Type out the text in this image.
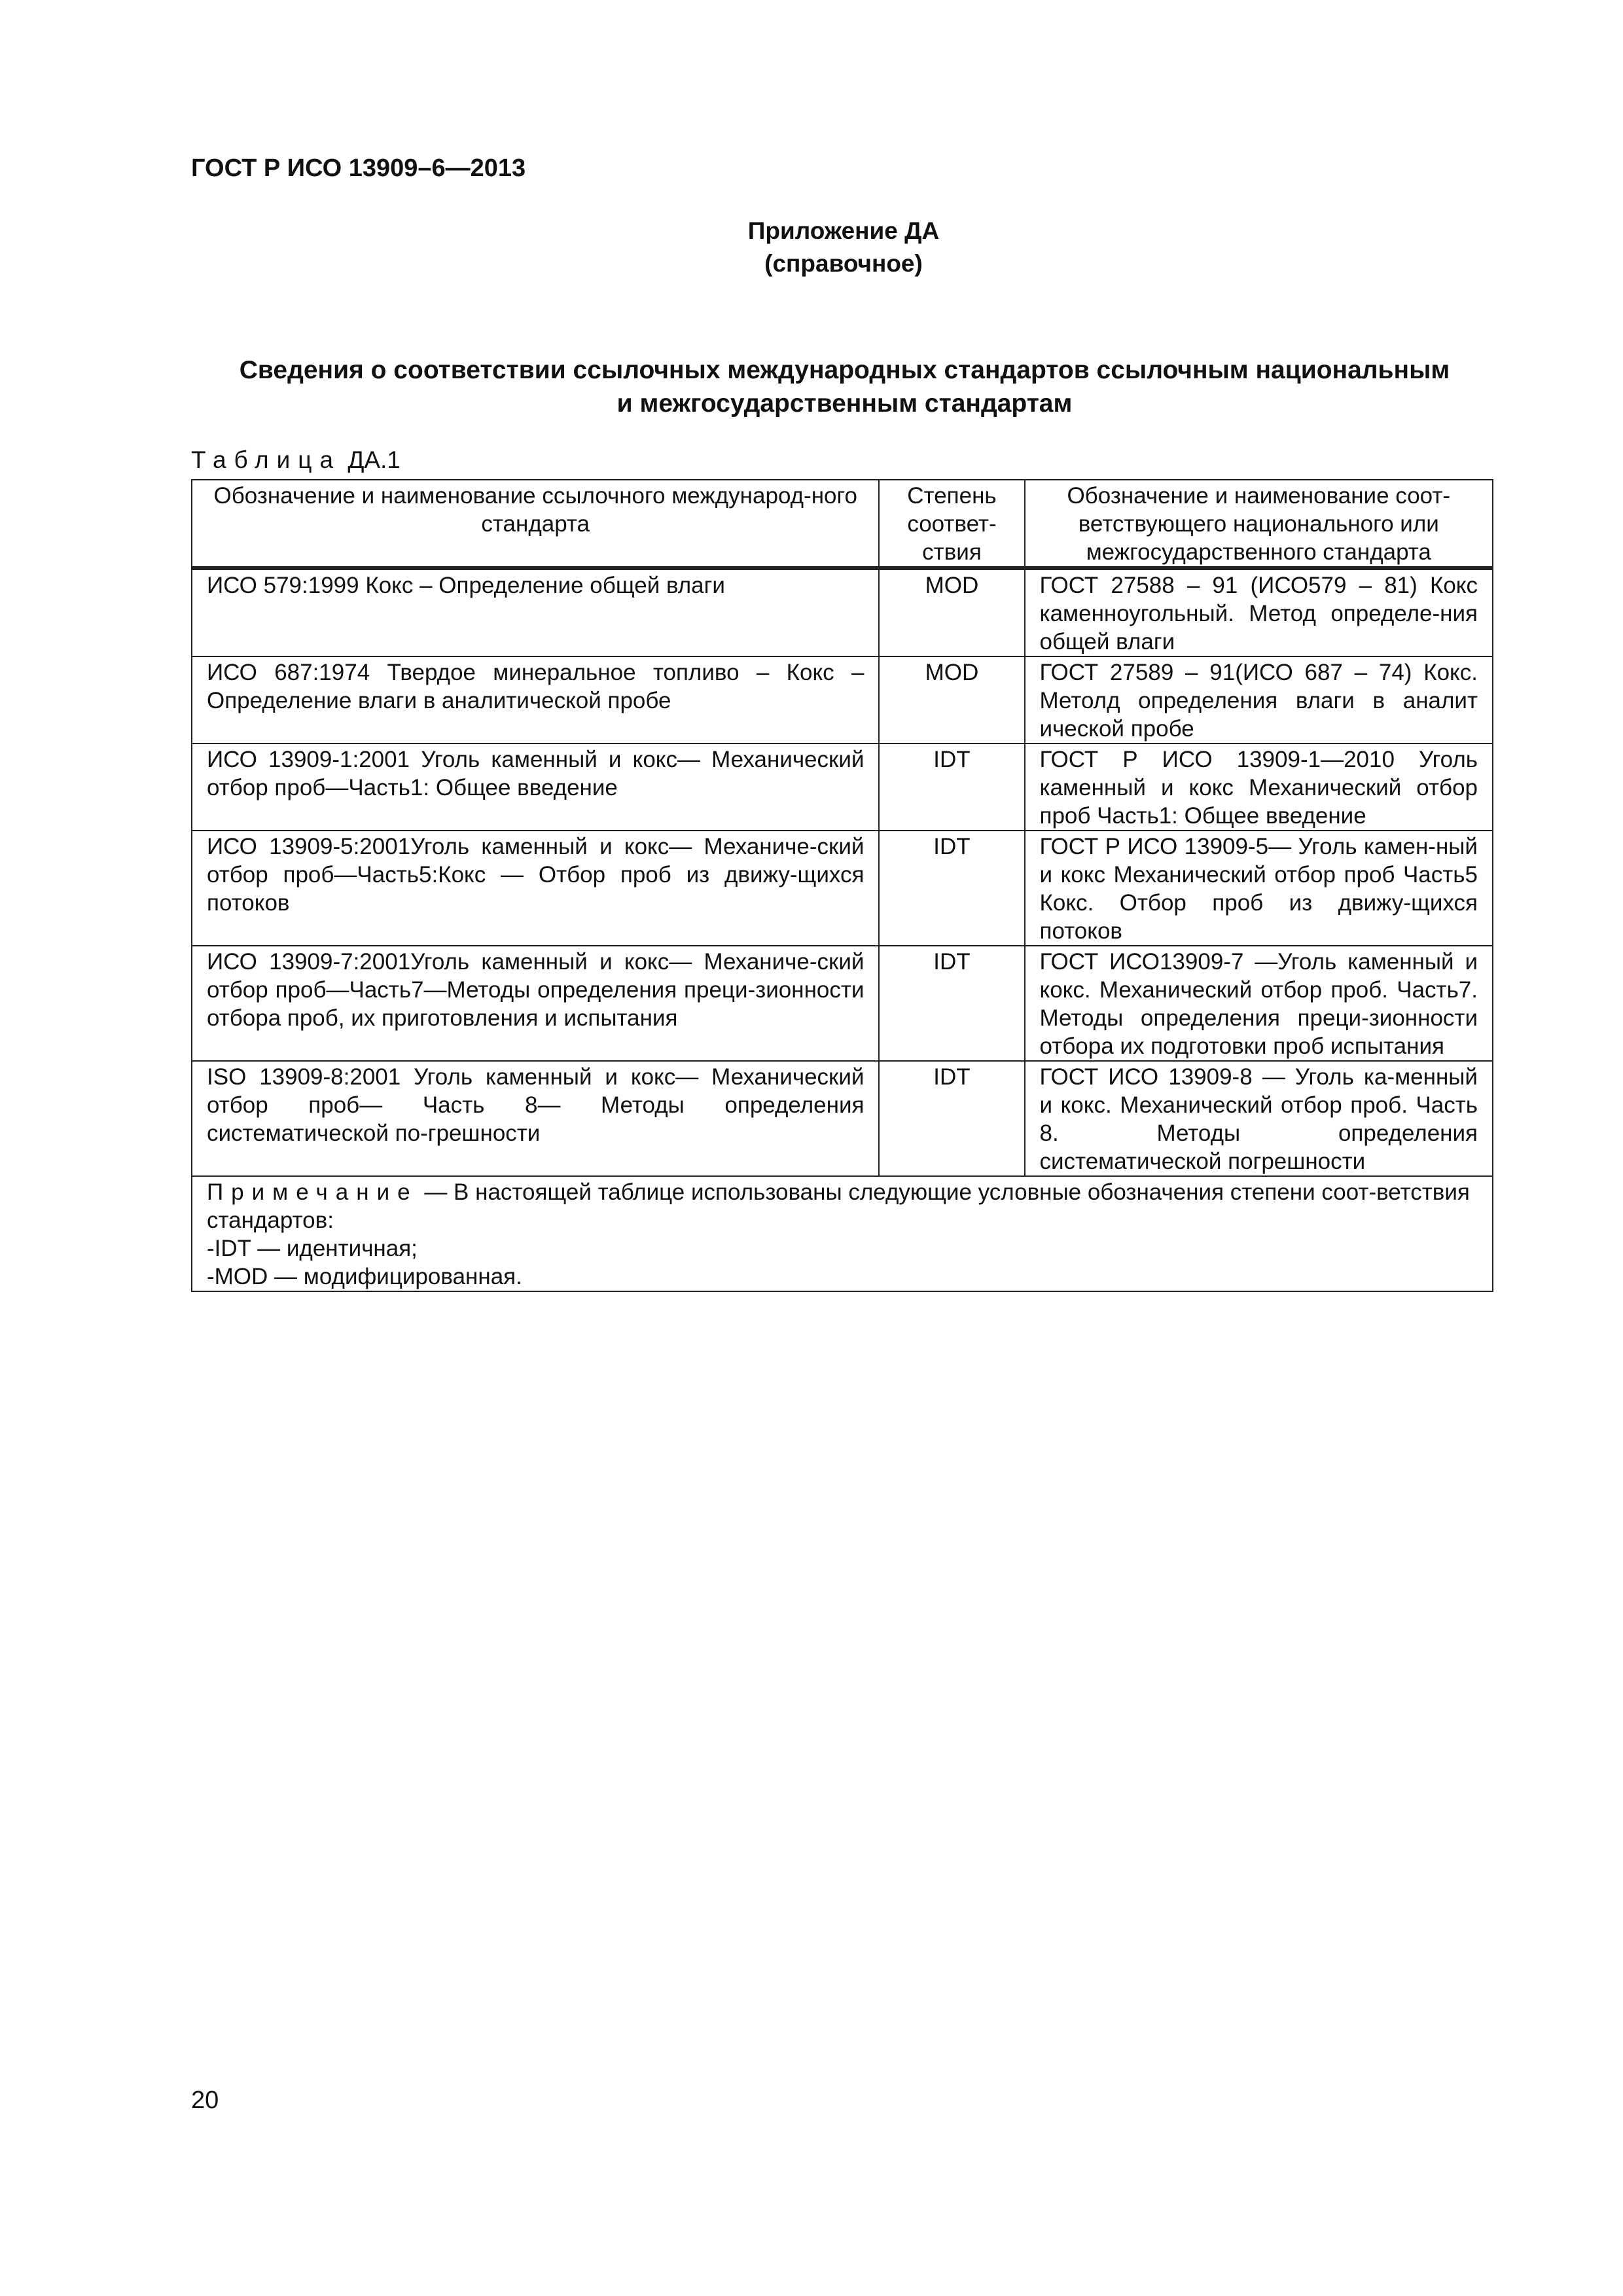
ГОСТ Р ИСО 13909–6—2013
Приложение ДА
(справочное)
Сведения о соответствии ссылочных международных стандартов ссылочным национальным
и межгосударственным стандартам
Таблица ДА.1
Обозначение и наименование ссылочного международ-ного стандарта	Степень соответ-ствия	Обозначение и наименование соот-ветствующего национального или межгосударственного стандарта
ИСО 579:1999 Кокс – Определение общей влаги	MOD	ГОСТ 27588 – 91 (ИСО579 – 81) Кокс каменноугольный. Метод определе-ния общей влаги
ИСО 687:1974 Твердое минеральное топливо – Кокс – Определение влаги в аналитической пробе	MOD	ГОСТ 27589 – 91(ИСО 687 – 74) Кокс. Метолд определения влаги в аналит ической пробе
ИСО 13909-1:2001 Уголь каменный и кокс— Механический отбор проб—Часть1: Общее введение	IDT	ГОСТ Р ИСО 13909-1—2010 Уголь каменный и кокс Механический отбор проб Часть1: Общее введение
ИСО 13909-5:2001Уголь каменный и кокс— Механиче-ский отбор проб—Часть5:Кокс — Отбор проб из движу-щихся потоков	IDT	ГОСТ Р ИСО 13909-5— Уголь камен-ный и кокс Механический отбор проб Часть5 Кокс. Отбор проб из движу-щихся потоков
ИСО 13909-7:2001Уголь каменный и кокс— Механиче-ский отбор проб—Часть7—Методы определения преци-зионности отбора проб, их приготовления и испытания	IDT	ГОСТ ИСО13909-7 —Уголь каменный и кокс. Механический отбор проб. Часть7. Методы определения преци-зионности отбора их подготовки проб испытания
ISO 13909-8:2001 Уголь каменный и кокс— Механический отбор проб— Часть 8— Методы определения систематической по-грешности	IDT	ГОСТ ИСО 13909-8 — Уголь ка-менный и кокс. Механический отбор проб. Часть 8. Методы определения систематической погрешности

Примечание — В настоящей таблице использованы следующие условные обозначения степени соот-ветствия стандартов:
-IDT — идентичная;
-MOD — модифицированная.		
20
